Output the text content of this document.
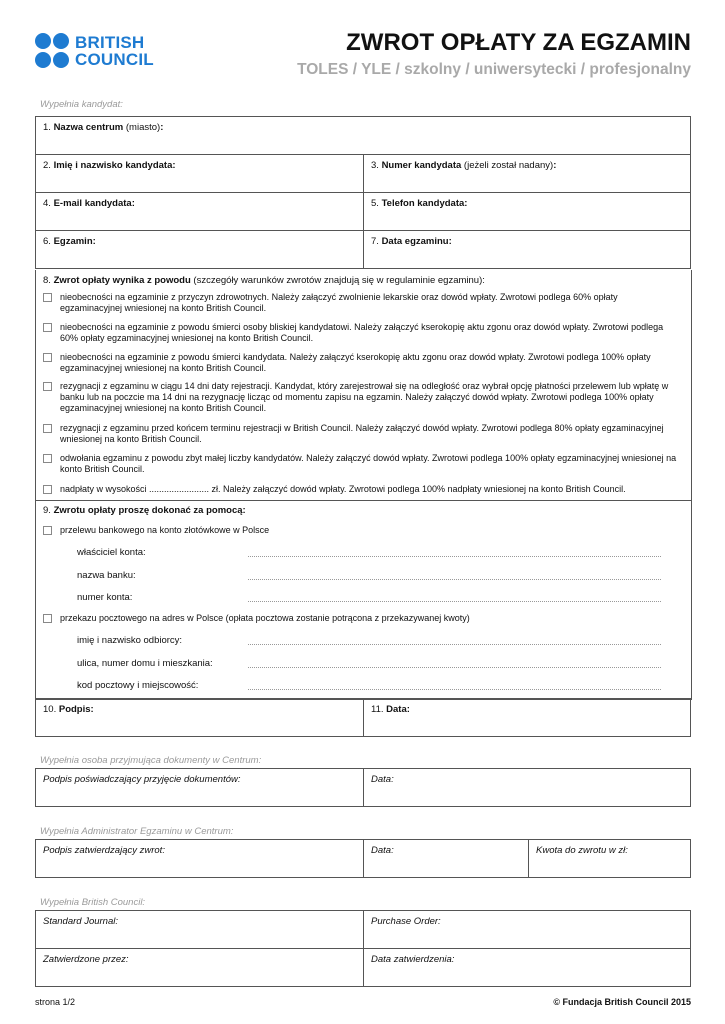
BRITISH
COUNCIL
ZWROT OPŁATY ZA EGZAMIN
TOLES / YLE / szkolny / uniwersytecki / profesjonalny
Wypełnia kandydat:
1. Nazwa centrum (miasto):	

2. Imię i nazwisko kandydata:	3. Numer kandydata (jeżeli został nadany):

4. E-mail kandydata:	5. Telefon kandydata:

6. Egzamin:	7. Data egzaminu:
8. Zwrot opłaty wynika z powodu (szczegóły warunków zwrotów znajdują się w regulaminie egzaminu):
nieobecności na egzaminie z przyczyn zdrowotnych. Należy załączyć zwolnienie lekarskie oraz dowód wpłaty. Zwrotowi podlega 60% opłaty egzaminacyjnej wniesionej na konto British Council.
nieobecności na egzaminie z powodu śmierci osoby bliskiej kandydatowi. Należy załączyć kserokopię aktu zgonu oraz dowód wpłaty. Zwrotowi podlega 60% opłaty egzaminacyjnej wniesionej na konto British Council.
nieobecności na egzaminie z powodu śmierci kandydata. Należy załączyć kserokopię aktu zgonu oraz dowód wpłaty. Zwrotowi podlega 100% opłaty egzaminacyjnej wniesionej na konto British Council.
rezygnacji z egzaminu w ciągu 14 dni daty rejestracji. Kandydat, który zarejestrował się na odległość oraz wybrał opcję płatności przelewem lub wpłatę w banku lub na poczcie ma 14 dni na rezygnację licząc od momentu zapisu na egzamin. Należy załączyć dowód wpłaty. Zwrotowi podlega 100% opłaty egzaminacyjnej wniesionej na konto British Council.
rezygnacji z egzaminu przed końcem terminu rejestracji w British Council. Należy załączyć dowód wpłaty. Zwrotowi podlega 80% opłaty egzaminacyjnej wniesionej na konto British Council.
odwołania egzaminu z powodu zbyt małej liczby kandydatów. Należy załączyć dowód wpłaty. Zwrotowi podlega 100% opłaty egzaminacyjnej wniesionej na konto British Council.
nadpłaty w wysokości ........................ zł. Należy załączyć dowód wpłaty. Zwrotowi podlega 100% nadpłaty wniesionej na konto British Council.
9. Zwrotu opłaty proszę dokonać za pomocą:
przelewu bankowego na konto złotówkowe w Polsce
właściciel konta:
nazwa banku:
numer konta:
przekazu pocztowego na adres w Polsce (opłata pocztowa zostanie potrącona z przekazywanej kwoty)
imię i nazwisko odbiorcy:
ulica, numer domu i mieszkania:
kod pocztowy i miejscowość:
10. Podpis:	11. Data:
Wypełnia osoba przyjmująca dokumenty w Centrum:
Podpis poświadczający przyjęcie dokumentów:	Data:
Wypełnia Administrator Egzaminu w Centrum:
Podpis zatwierdzający zwrot:	Data:	Kwota do zwrotu w zł:
Wypełnia British Council:
Standard Journal:	Purchase Order:

Zatwierdzone przez:	Data zatwierdzenia:
strona 1/2	© Fundacja British Council 2015
